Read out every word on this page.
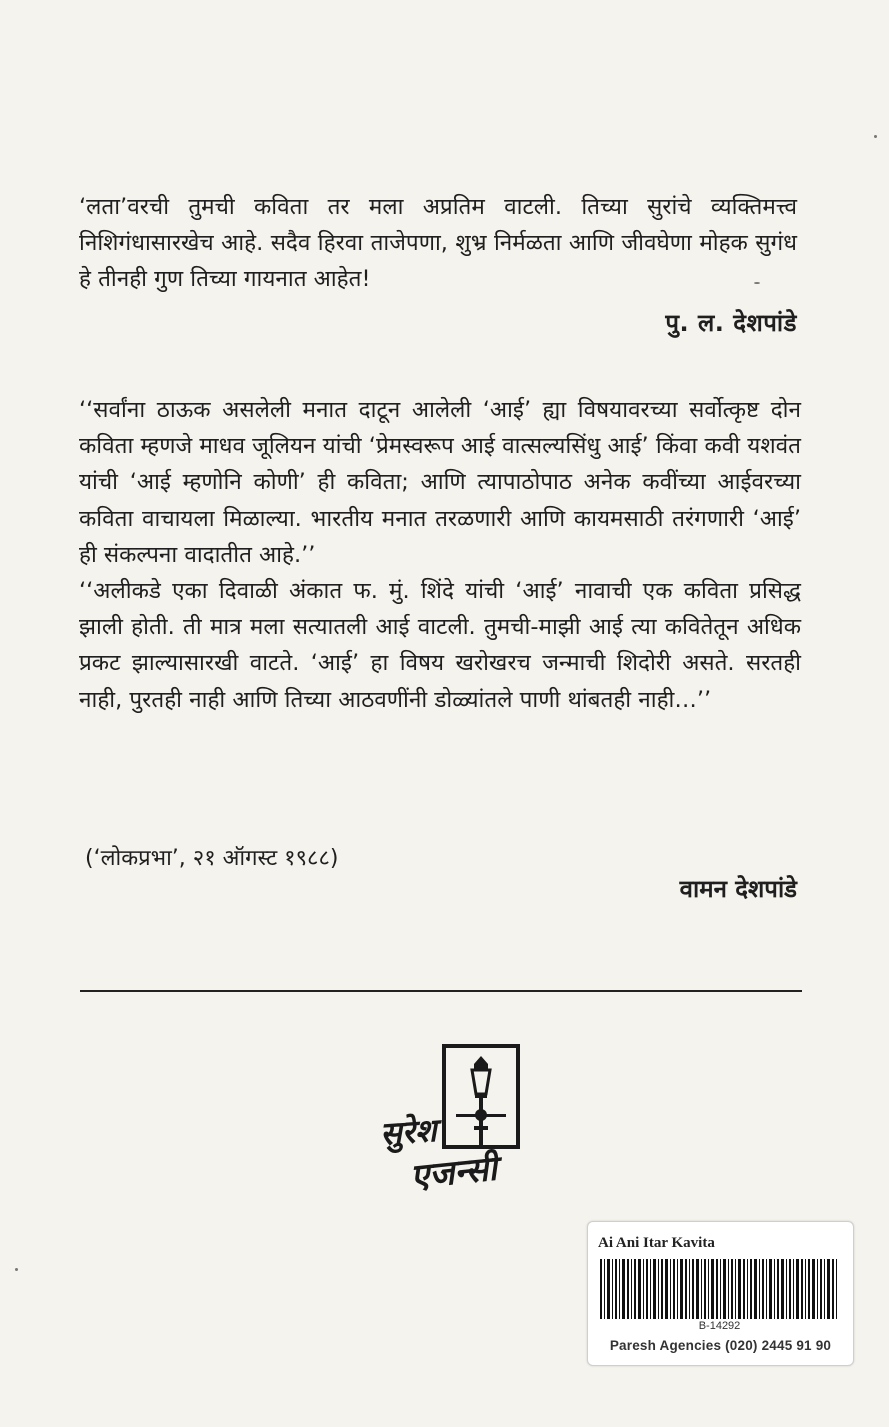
‘लता’वरची तुमची कविता तर मला अप्रतिम वाटली. तिच्या सुरांचे व्यक्तिमत्त्व निशिगंधासारखेच आहे. सदैव हिरवा ताजेपणा, शुभ्र निर्मळता आणि जीवघेणा मोहक सुगंध हे तीनही गुण तिच्या गायनात आहेत!

पु. ल. देशपांडे

‘‘सर्वांना ठाऊक असलेली मनात दाटून आलेली ‘आई’ ह्या विषयावरच्या सर्वोत्कृष्ट दोन कविता म्हणजे माधव जूलियन यांची ‘प्रेमस्वरूप आई वात्सल्यसिंधु आई’ किंवा कवी यशवंत यांची ‘आई म्हणोनि कोणी’ ही कविता; आणि त्यापाठोपाठ अनेक कवींच्या आईवरच्या कविता वाचायला मिळाल्या. भारतीय मनात तरळणारी आणि कायमसाठी तरंगणारी ‘आई’ ही संकल्पना वादातीत आहे.’’

‘‘अलीकडे एका दिवाळी अंकात फ. मुं. शिंदे यांची ‘आई’ नावाची एक कविता प्रसिद्ध झाली होती. ती मात्र मला सत्यातली आई वाटली. तुमची-माझी आई त्या कवितेतून अधिक प्रकट झाल्यासारखी वाटते. ‘आई’ हा विषय खरोखरच जन्माची शिदोरी असते. सरतही नाही, पुरतही नाही आणि तिच्या आठवणींनी डोळ्यांतले पाणी थांबतही नाही…’’

(‘लोकप्रभा’, २१ ऑगस्ट १९८८)
वामन देशपांडे
सुरेश
एजन्सी
Ai Ani Itar Kavita
B-14292
Paresh Agencies (020) 2445 91 90
